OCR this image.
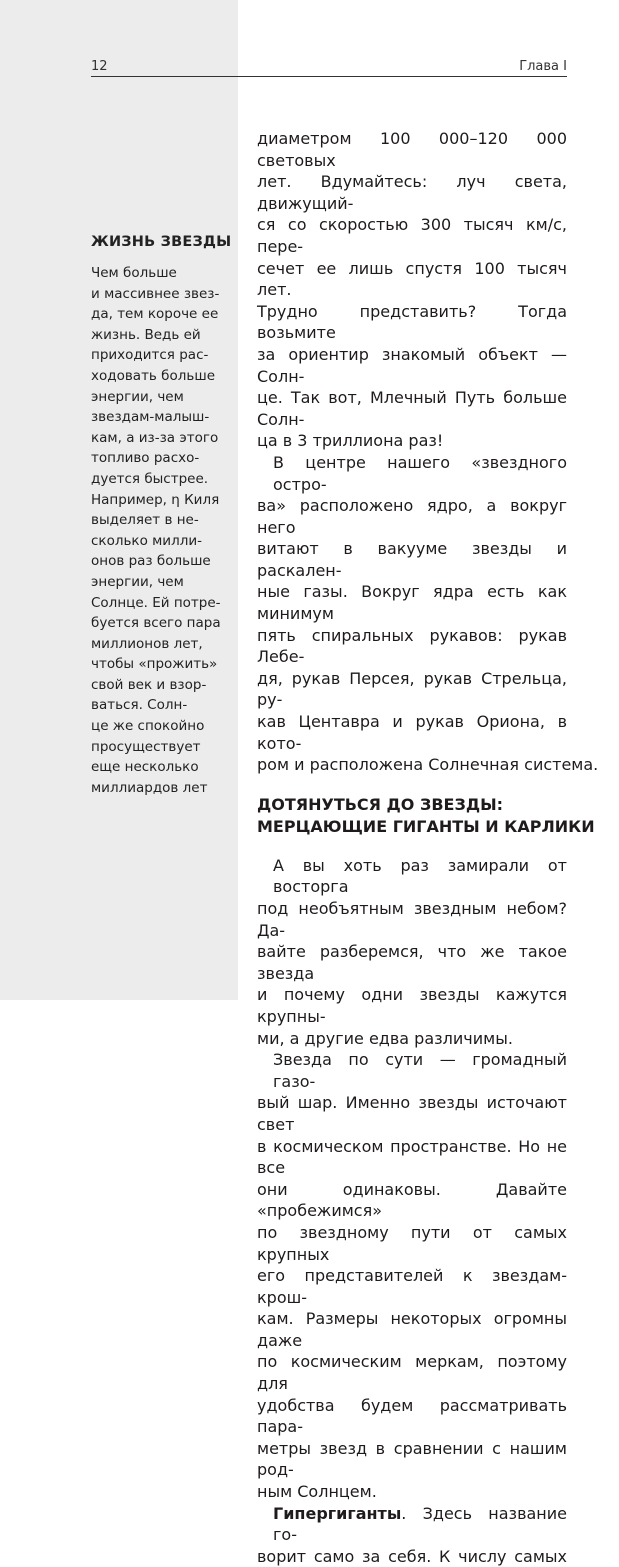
12	Глава I
ЖИЗНЬ ЗВЕЗДЫ
Чем больше
и массивнее звез-
да, тем короче ее
жизнь. Ведь ей
приходится рас-
ходовать больше
энергии, чем
звездам-малыш-
кам, а из-за этого
топливо расхо-
дуется быстрее.
Например, η Киля
выделяет в не-
сколько милли-
онов раз больше
энергии, чем
Солнце. Ей потре-
буется всего пара
миллионов лет,
чтобы «прожить»
свой век и взор-
ваться. Солн-
це же спокойно
просуществует
еще несколько
миллиардов лет
диаметром 100 000–120 000 световых
лет. Вдумайтесь: луч света, движущий-
ся со скоростью 300 тысяч км/с, пере-
сечет ее лишь спустя 100 тысяч лет.
Трудно представить? Тогда возьмите
за ориентир знакомый объект — Солн-
це. Так вот, Млечный Путь больше Солн-
ца в 3 триллиона раз!
В центре нашего «звездного остро-
ва» расположено ядро, а вокруг него
витают в вакууме звезды и раскален-
ные газы. Вокруг ядра есть как минимум
пять спиральных рукавов: рукав Лебе-
дя, рукав Персея, рукав Стрельца, ру-
кав Центавра и рукав Ориона, в кото-
ром и расположена Солнечная система.
ДОТЯНУТЬСЯ ДО ЗВЕЗДЫ:
МЕРЦАЮЩИЕ ГИГАНТЫ И КАРЛИКИ
А вы хоть раз замирали от восторга
под необъятным звездным небом? Да-
вайте разберемся, что же такое звезда
и почему одни звезды кажутся крупны-
ми, а другие едва различимы.
Звезда по сути — громадный газо-
вый шар. Именно звезды источают свет
в космическом пространстве. Но не все
они одинаковы. Давайте «пробежимся»
по звездному пути от самых крупных
его представителей к звездам-крош-
кам. Размеры некоторых огромны даже
по космическим меркам, поэтому для
удобства будем рассматривать пара-
метры звезд в сравнении с нашим род-
ным Солнцем.
Гипергиганты. Здесь название го-
ворит само за себя. К числу самых
